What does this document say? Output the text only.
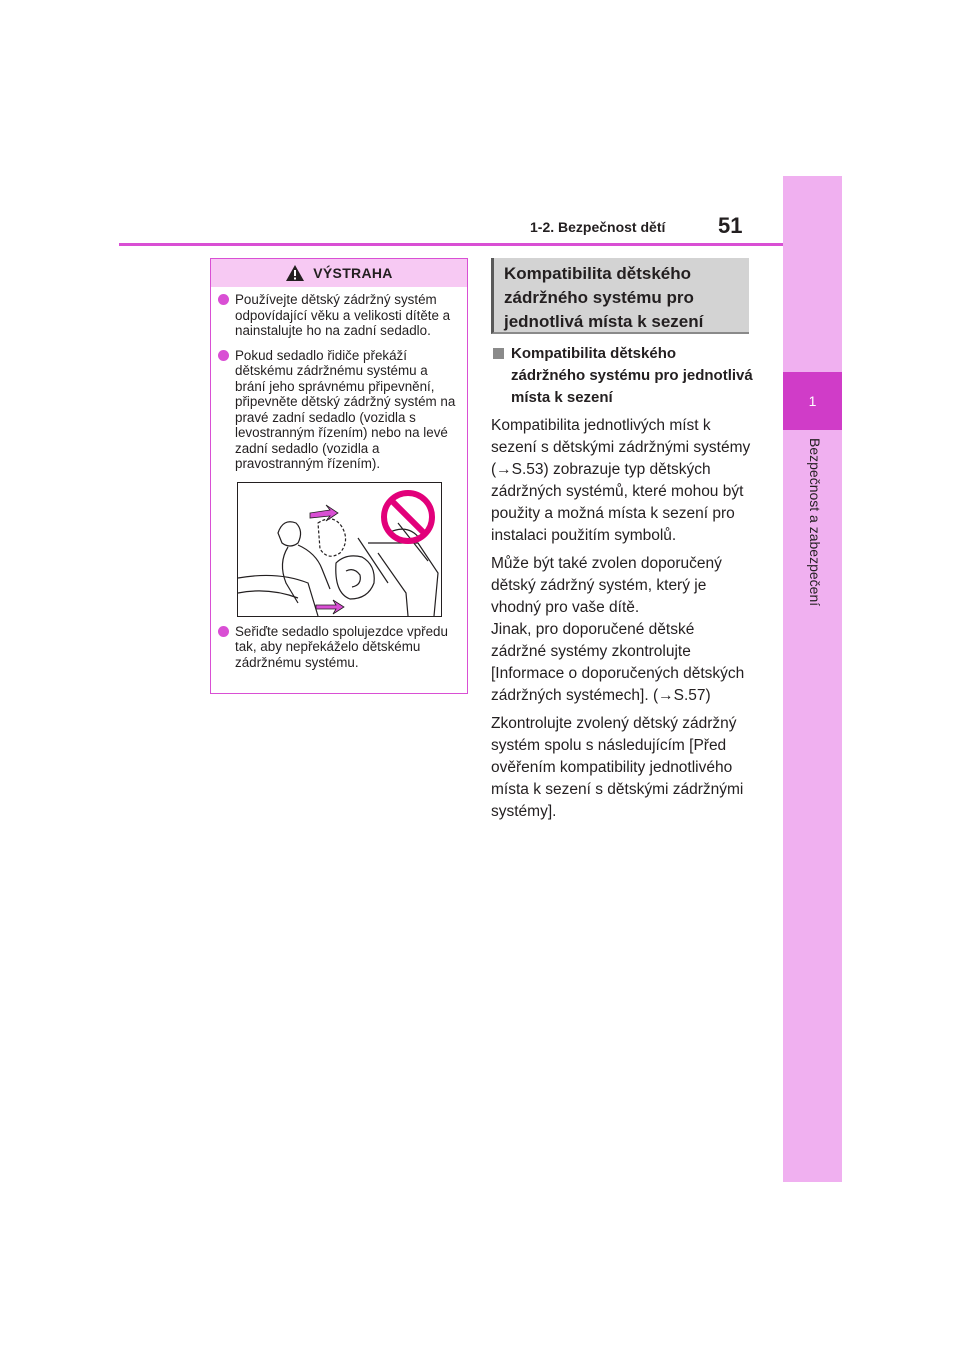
1
Bezpečnost a zabezpečení
1-2. Bezpečnost dětí 51
VÝSTRAHA
Používejte dětský zádržný systém odpovídající věku a velikosti dítěte a nainstalujte ho na zadní sedadlo.
Pokud sedadlo řidiče překáží dětskému zádržnému systému a brání jeho správnému připevnění, připevněte dětský zádržný systém na pravé zadní sedadlo (vozidla s levostranným řízením) nebo na levé zadní sedadlo (vozidla a pravostranným řízením).
Seřiďte sedadlo spolujezdce vpředu tak, aby nepřekáželo dětskému zádržnému systému.
Kompatibilita dětského zádržného systému pro jednotlivá místa k sezení
Kompatibilita dětského zádržného systému pro jednotlivá místa k sezení
Kompatibilita jednotlivých míst k sezení s dětskými zádržnými systémy (→S.53) zobrazuje typ dětských zádržných systémů, které mohou být použity a možná místa k sezení pro instalaci použitím symbolů.
Může být také zvolen doporučený dětský zádržný systém, který je vhodný pro vaše dítě.
Jinak, pro doporučené dětské zádržné systémy zkontrolujte [Informace o doporučených dětských zádržných systémech]. (→S.57)
Zkontrolujte zvolený dětský zádržný systém spolu s následujícím [Před ověřením kompatibility jednotlivého místa k sezení s dětskými zádržnými systémy].
